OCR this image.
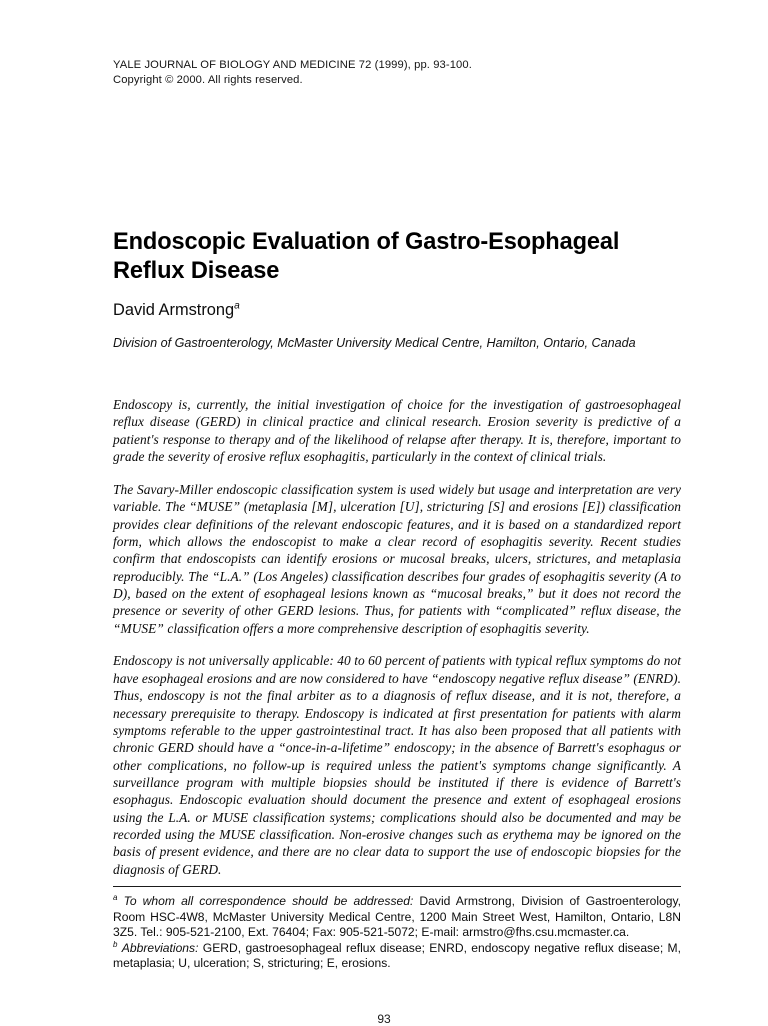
YALE JOURNAL OF BIOLOGY AND MEDICINE 72 (1999), pp. 93-100.
Copyright © 2000. All rights reserved.
Endoscopic Evaluation of Gastro-Esophageal Reflux Disease
David Armstrong$^a$
Division of Gastroenterology, McMaster University Medical Centre, Hamilton, Ontario, Canada

Endoscopy is, currently, the initial investigation of choice for the investigation of gastroesophageal reflux disease (GERD) in clinical practice and clinical research. Erosion severity is predictive of a patient's response to therapy and of the likelihood of relapse after therapy. It is, therefore, important to grade the severity of erosive reflux esophagitis, particularly in the context of clinical trials.

The Savary-Miller endoscopic classification system is used widely but usage and interpretation are very variable. The “MUSE” (metaplasia [M], ulceration [U], stricturing [S] and erosions [E]) classification provides clear definitions of the relevant endoscopic features, and it is based on a standardized report form, which allows the endoscopist to make a clear record of esophagitis severity. Recent studies confirm that endoscopists can identify erosions or mucosal breaks, ulcers, strictures, and metaplasia reproducibly. The “L.A.” (Los Angeles) classification describes four grades of esophagitis severity (A to D), based on the extent of esophageal lesions known as “mucosal breaks,” but it does not record the presence or severity of other GERD lesions. Thus, for patients with “complicated” reflux disease, the “MUSE” classification offers a more comprehensive description of esophagitis severity.

Endoscopy is not universally applicable: 40 to 60 percent of patients with typical reflux symptoms do not have esophageal erosions and are now considered to have “endoscopy negative reflux disease” (ENRD). Thus, endoscopy is not the final arbiter as to a diagnosis of reflux disease, and it is not, therefore, a necessary prerequisite to therapy. Endoscopy is indicated at first presentation for patients with alarm symptoms referable to the upper gastrointestinal tract. It has also been proposed that all patients with chronic GERD should have a “once-in-a-lifetime” endoscopy; in the absence of Barrett's esophagus or other complications, no follow-up is required unless the patient's symptoms change significantly. A surveillance program with multiple biopsies should be instituted if there is evidence of Barrett's esophagus. Endoscopic evaluation should document the presence and extent of esophageal erosions using the L.A. or MUSE classification systems; complications should also be documented and may be recorded using the MUSE classification. Non-erosive changes such as erythema may be ignored on the basis of present evidence, and there are no clear data to support the use of endoscopic biopsies for the diagnosis of GERD.

$^a$ To whom all correspondence should be addressed: David Armstrong, Division of Gastroenterology, Room HSC-4W8, McMaster University Medical Centre, 1200 Main Street West, Hamilton, Ontario, L8N 3Z5. Tel.: 905-521-2100, Ext. 76404; Fax: 905-521-5072; E-mail: armstro@fhs.csu.mcmaster.ca.

$^b$ Abbreviations: GERD, gastroesophageal reflux disease; ENRD, endoscopy negative reflux disease; M, metaplasia; U, ulceration; S, stricturing; E, erosions.

93
